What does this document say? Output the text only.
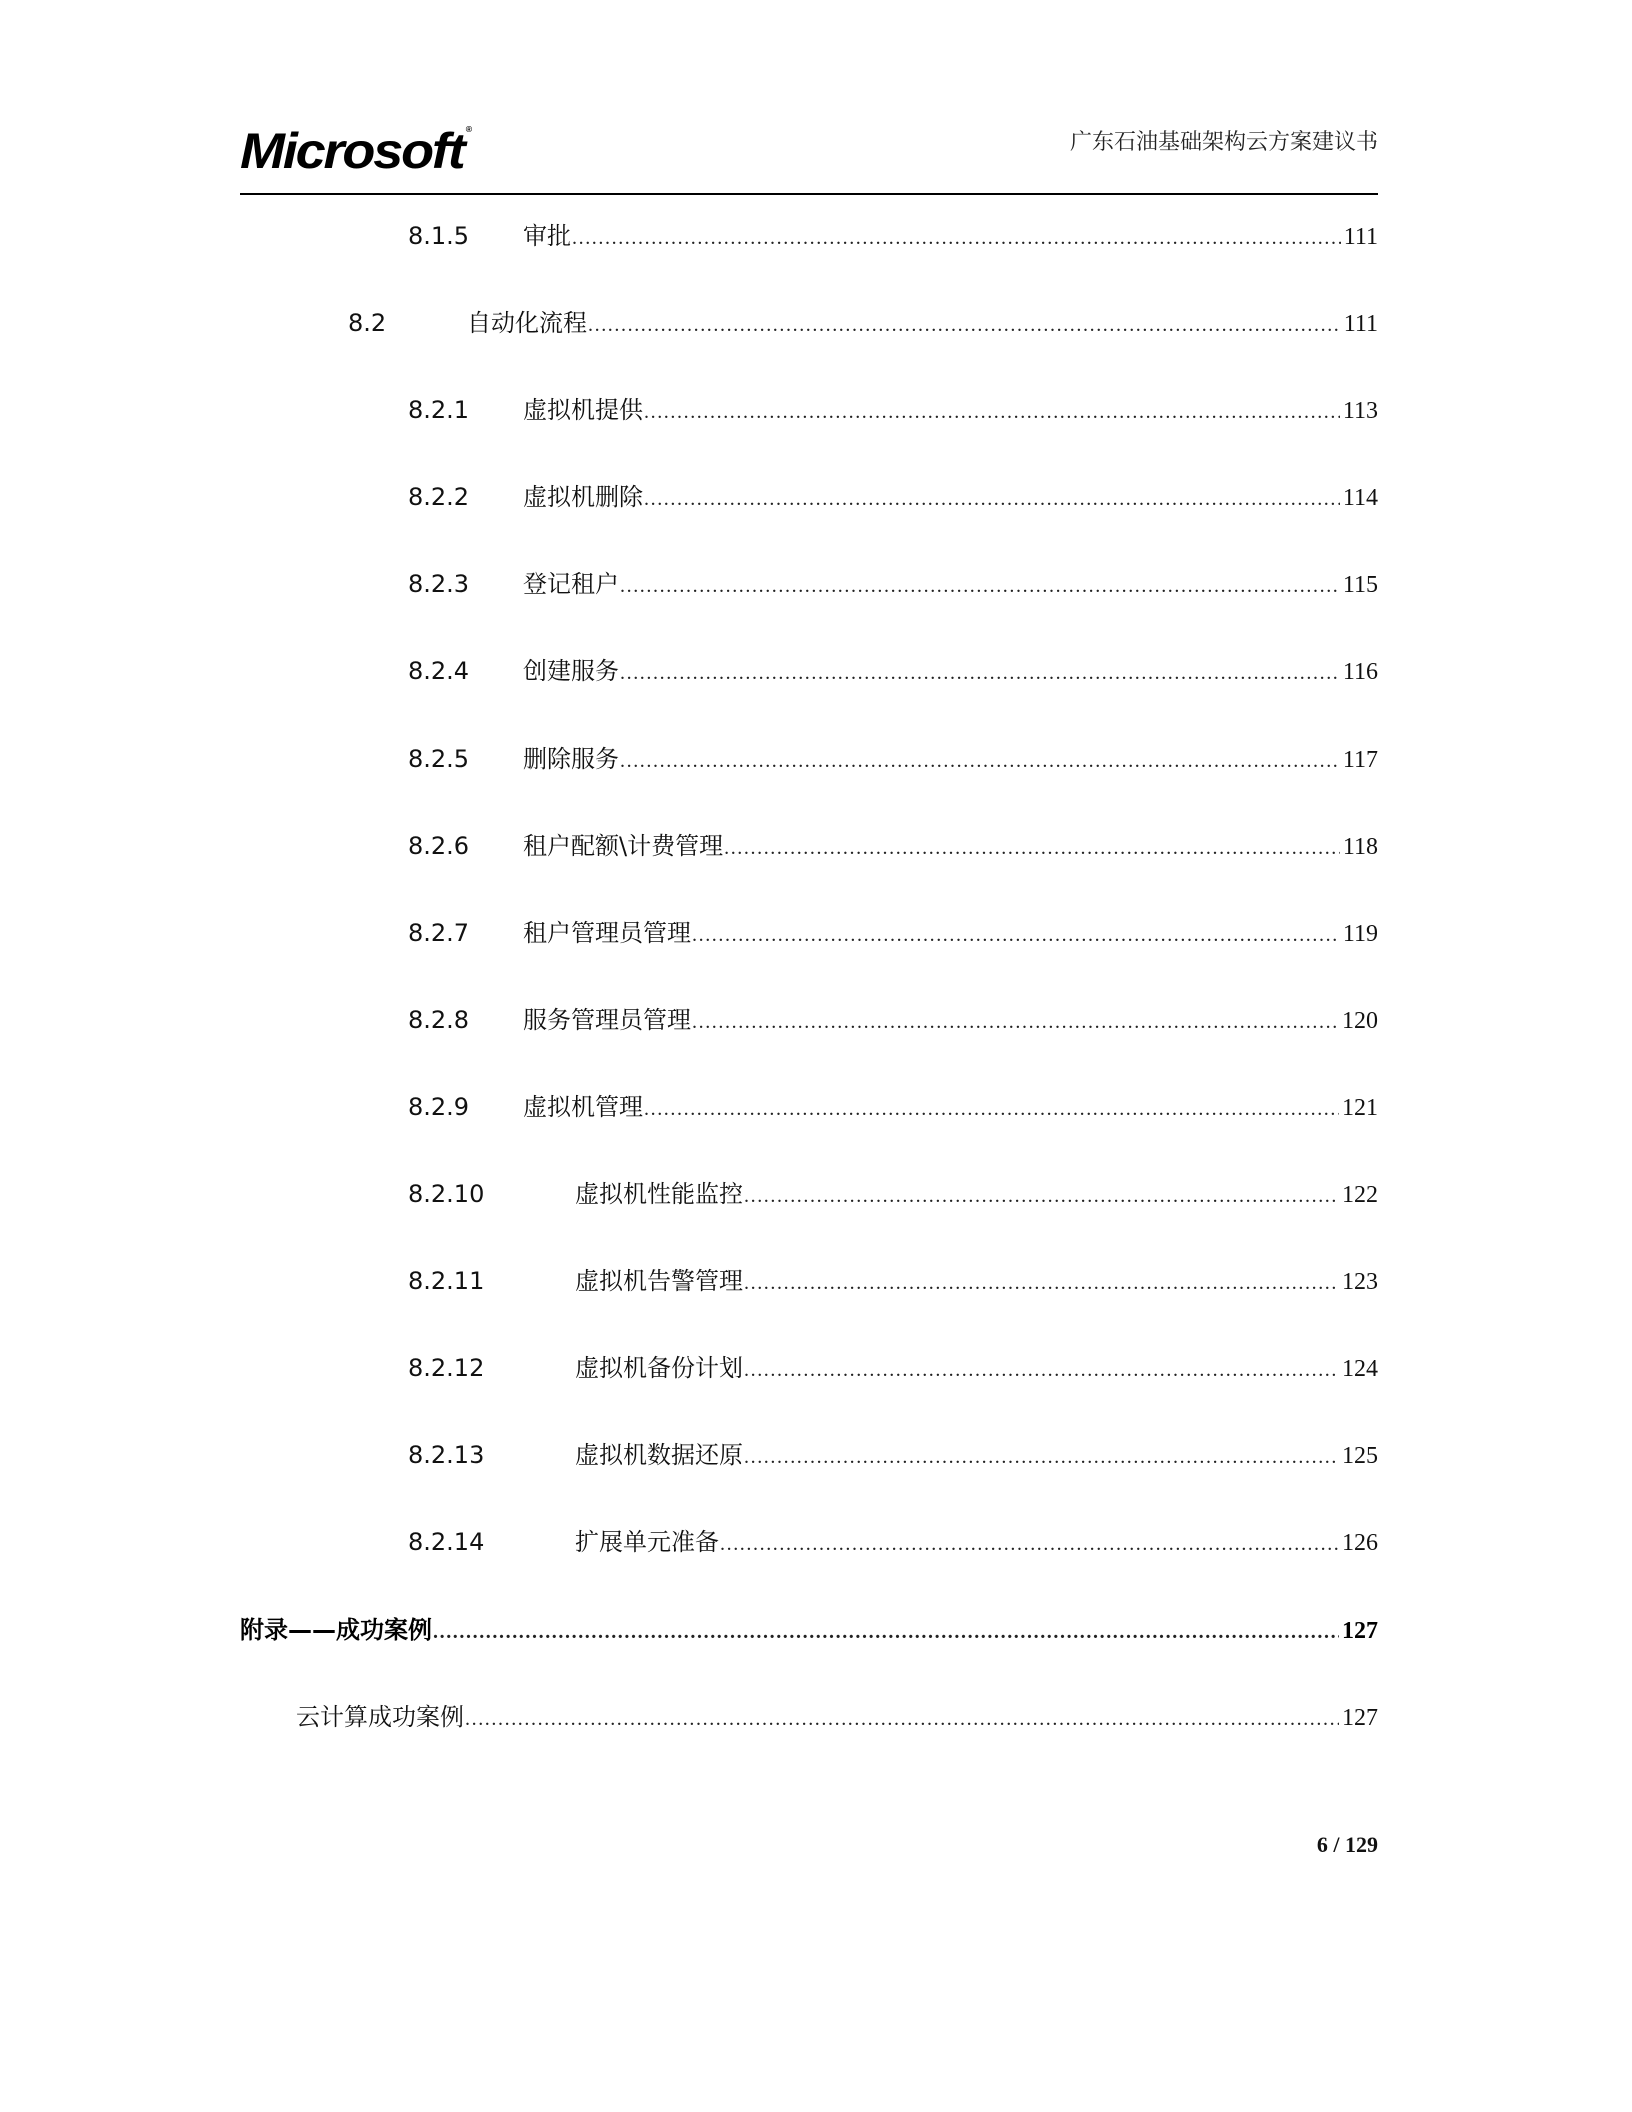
Microsoft ®
广东石油基础架构云方案建议书
8.1.5 审批 .....	111
8.2	自动化流程 .....	111
8.2.1 虚拟机提供 .....	113
8.2.2 虚拟机删除 .....	114
8.2.3 登记租户 .....	115
8.2.4 创建服务 .....	116
8.2.5 删除服务 .....	117
8.2.6 租户配额\计费管理 .....	118
8.2.7 租户管理员管理 .....	119
8.2.8 服务管理员管理 .....	120
8.2.9 虚拟机管理 .....	121
8.2.10	虚拟机性能监控 .....	122
8.2.11	虚拟机告警管理 .....	123
8.2.12	虚拟机备份计划 .....	124
8.2.13	虚拟机数据还原 .....	125
8.2.14	扩展单元准备 .....	126
附录——成功案例 .....	127
云计算成功案例 .....	127
6 / 129
